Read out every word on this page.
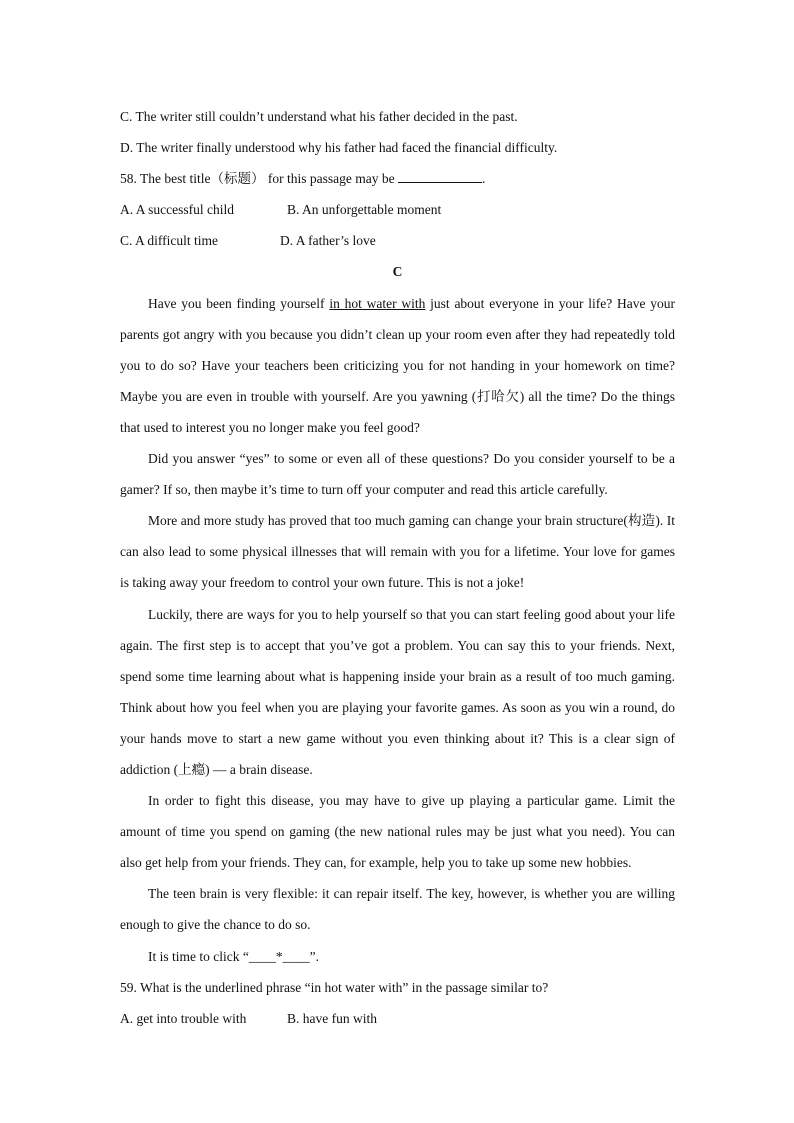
C. The writer still couldn’t understand what his father decided in the past.
D. The writer finally understood why his father had faced the financial difficulty.
58. The best title（标题） for this passage may be	.
A. A successful child	B. An unforgettable moment
C. A difficult time	D. A father’s love
C
Have you been finding yourself in hot water with just about everyone in your life? Have your parents got angry with you because you didn’t clean up your room even after they had repeatedly told you to do so? Have your teachers been criticizing you for not handing in your homework on time? Maybe you are even in trouble with yourself. Are you yawning (打哈欠) all the time? Do the things that used to interest you no longer make you feel good?
Did you answer “yes” to some or even all of these questions? Do you consider yourself to be a gamer? If so, then maybe it’s time to turn off your computer and read this article carefully.
More and more study has proved that too much gaming can change your brain structure(构造). It can also lead to some physical illnesses that will remain with you for a lifetime. Your love for games is taking away your freedom to control your own future. This is not a joke!
Luckily, there are ways for you to help yourself so that you can start feeling good about your life again. The first step is to accept that you’ve got a problem. You can say this to your friends. Next, spend some time learning about what is happening inside your brain as a result of too much gaming. Think about how you feel when you are playing your favorite games. As soon as you win a round, do your hands move to start a new game without you even thinking about it? This is a clear sign of addiction (上瘾) — a brain disease.
In order to fight this disease, you may have to give up playing a particular game. Limit the amount of time you spend on gaming (the new national rules may be just what you need). You can also get help from your friends. They can, for example, help you to take up some new hobbies.
The teen brain is very flexible: it can repair itself. The key, however, is whether you are willing enough to give the chance to do so.
It is time to click “____*____”.
59. What is the underlined phrase “in hot water with” in the passage similar to?
A. get into trouble with	B. have fun with
